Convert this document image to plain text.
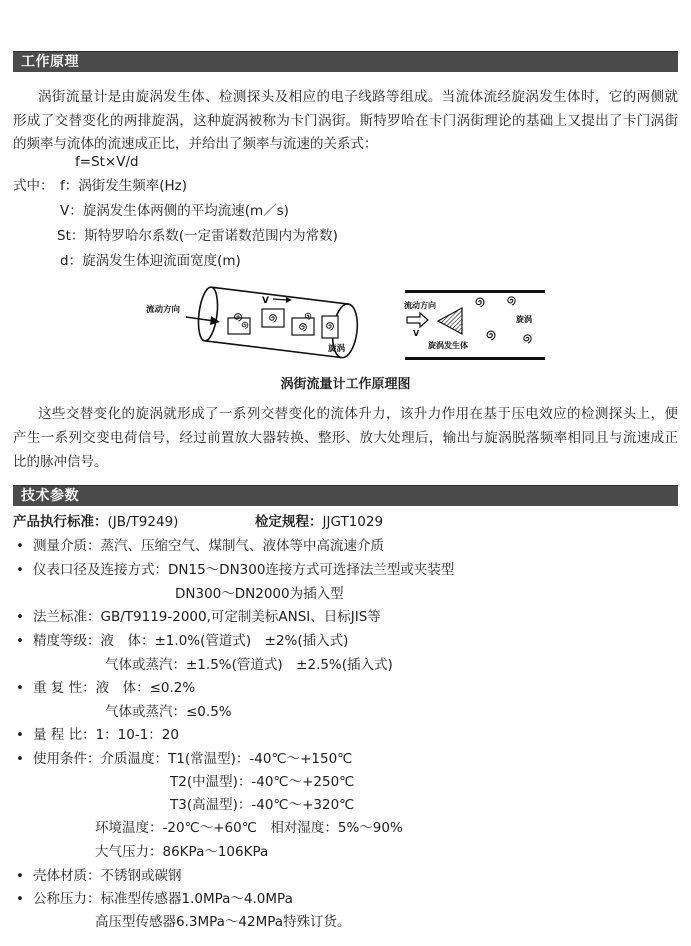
工作原理
涡街流量计是由旋涡发生体、检测探头及相应的电子线路等组成。当流体流经旋涡发生体时，它的两侧就
形成了交替变化的两排旋涡，这种旋涡被称为卡门涡街。斯特罗哈在卡门涡街理论的基础上又提出了卡门涡街
的频率与流体的流速成正比，并给出了频率与流速的关系式：
f=St×V/d
式中： f：涡街发生频率(Hz)
V：旋涡发生体两侧的平均流速(m／s)
St：斯特罗哈尔系数(一定雷诺数范围内为常数)
d：旋涡发生体迎流面宽度(m)
流动方向
V
旋涡
流动方向
V
旋涡发生体
旋涡
涡街流量计工作原理图
这些交替变化的旋涡就形成了一系列交替变化的流体升力，该升力作用在基于压电效应的检测探头上，便
产生一系列交变电荷信号，经过前置放大器转换、整形、放大处理后，输出与旋涡脱落频率相同且与流速成正
比的脉冲信号。
技术参数
产品执行标准：(JB/T9249)	检定规程：JJGT1029
• 测量介质：蒸汽、压缩空气、煤制气、液体等中高流速介质
• 仪表口径及连接方式：DN15～DN300连接方式可选择法兰型或夹装型
DN300～DN2000为插入型
• 法兰标准：GB/T9119-2000,可定制美标ANSI、日标JIS等
• 精度等级：液　体：±1.0%(管道式)　±2%(插入式)
气体或蒸汽：±1.5%(管道式)　±2.5%(插入式)
• 重 复 性：液　体：≤0.2%
气体或蒸汽：≤0.5%
• 量 程 比：1：10-1：20
• 使用条件：介质温度：T1(常温型)：-40℃～+150℃
T2(中温型)：-40℃～+250℃
T3(高温型)：-40℃～+320℃
环境温度：-20℃～+60℃　相对湿度：5%～90%
大气压力：86KPa～106KPa
• 壳体材质：不锈钢或碳钢
• 公称压力：标准型传感器1.0MPa～4.0MPa
高压型传感器6.3MPa～42MPa特殊订货。
